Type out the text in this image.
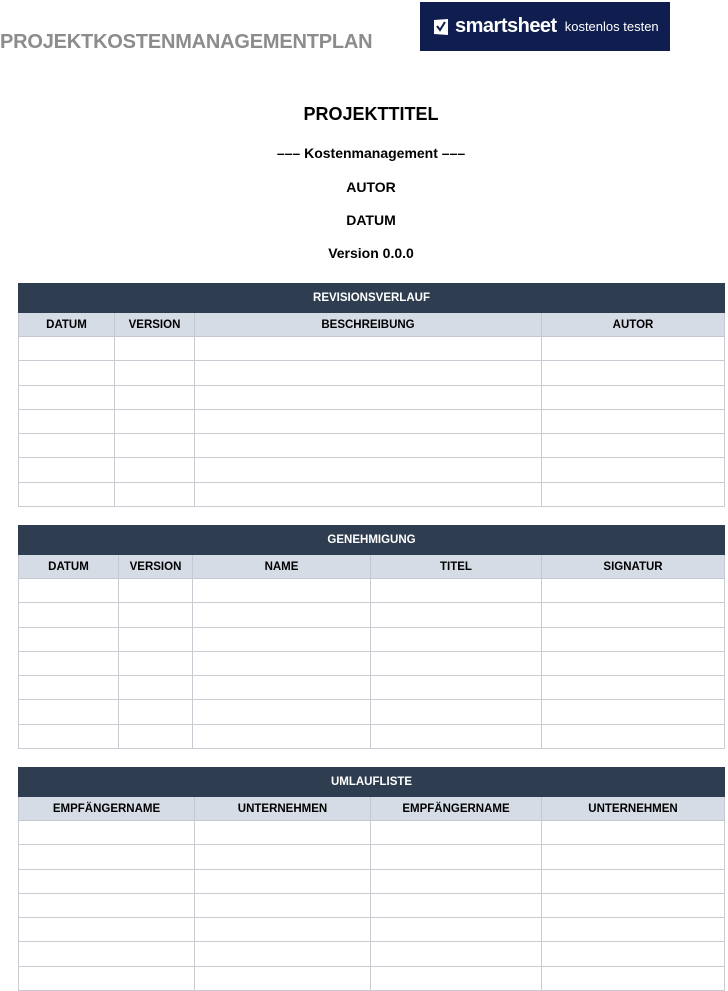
PROJEKTKOSTENMANAGEMENTPLAN
smartsheet kostenlos testen
PROJEKTTITEL
––– Kostenmanagement –––
AUTOR
DATUM
Version 0.0.0
REVISIONSVERLAUF			
DATUM	VERSION	BESCHREIBUNG	AUTOR

GENEHMIGUNG				
DATUM	VERSION	NAME	TITEL	SIGNATUR

UMLAUFLISTE			
EMPFÄNGERNAME	UNTERNEHMEN	EMPFÄNGERNAME	UNTERNEHMEN
